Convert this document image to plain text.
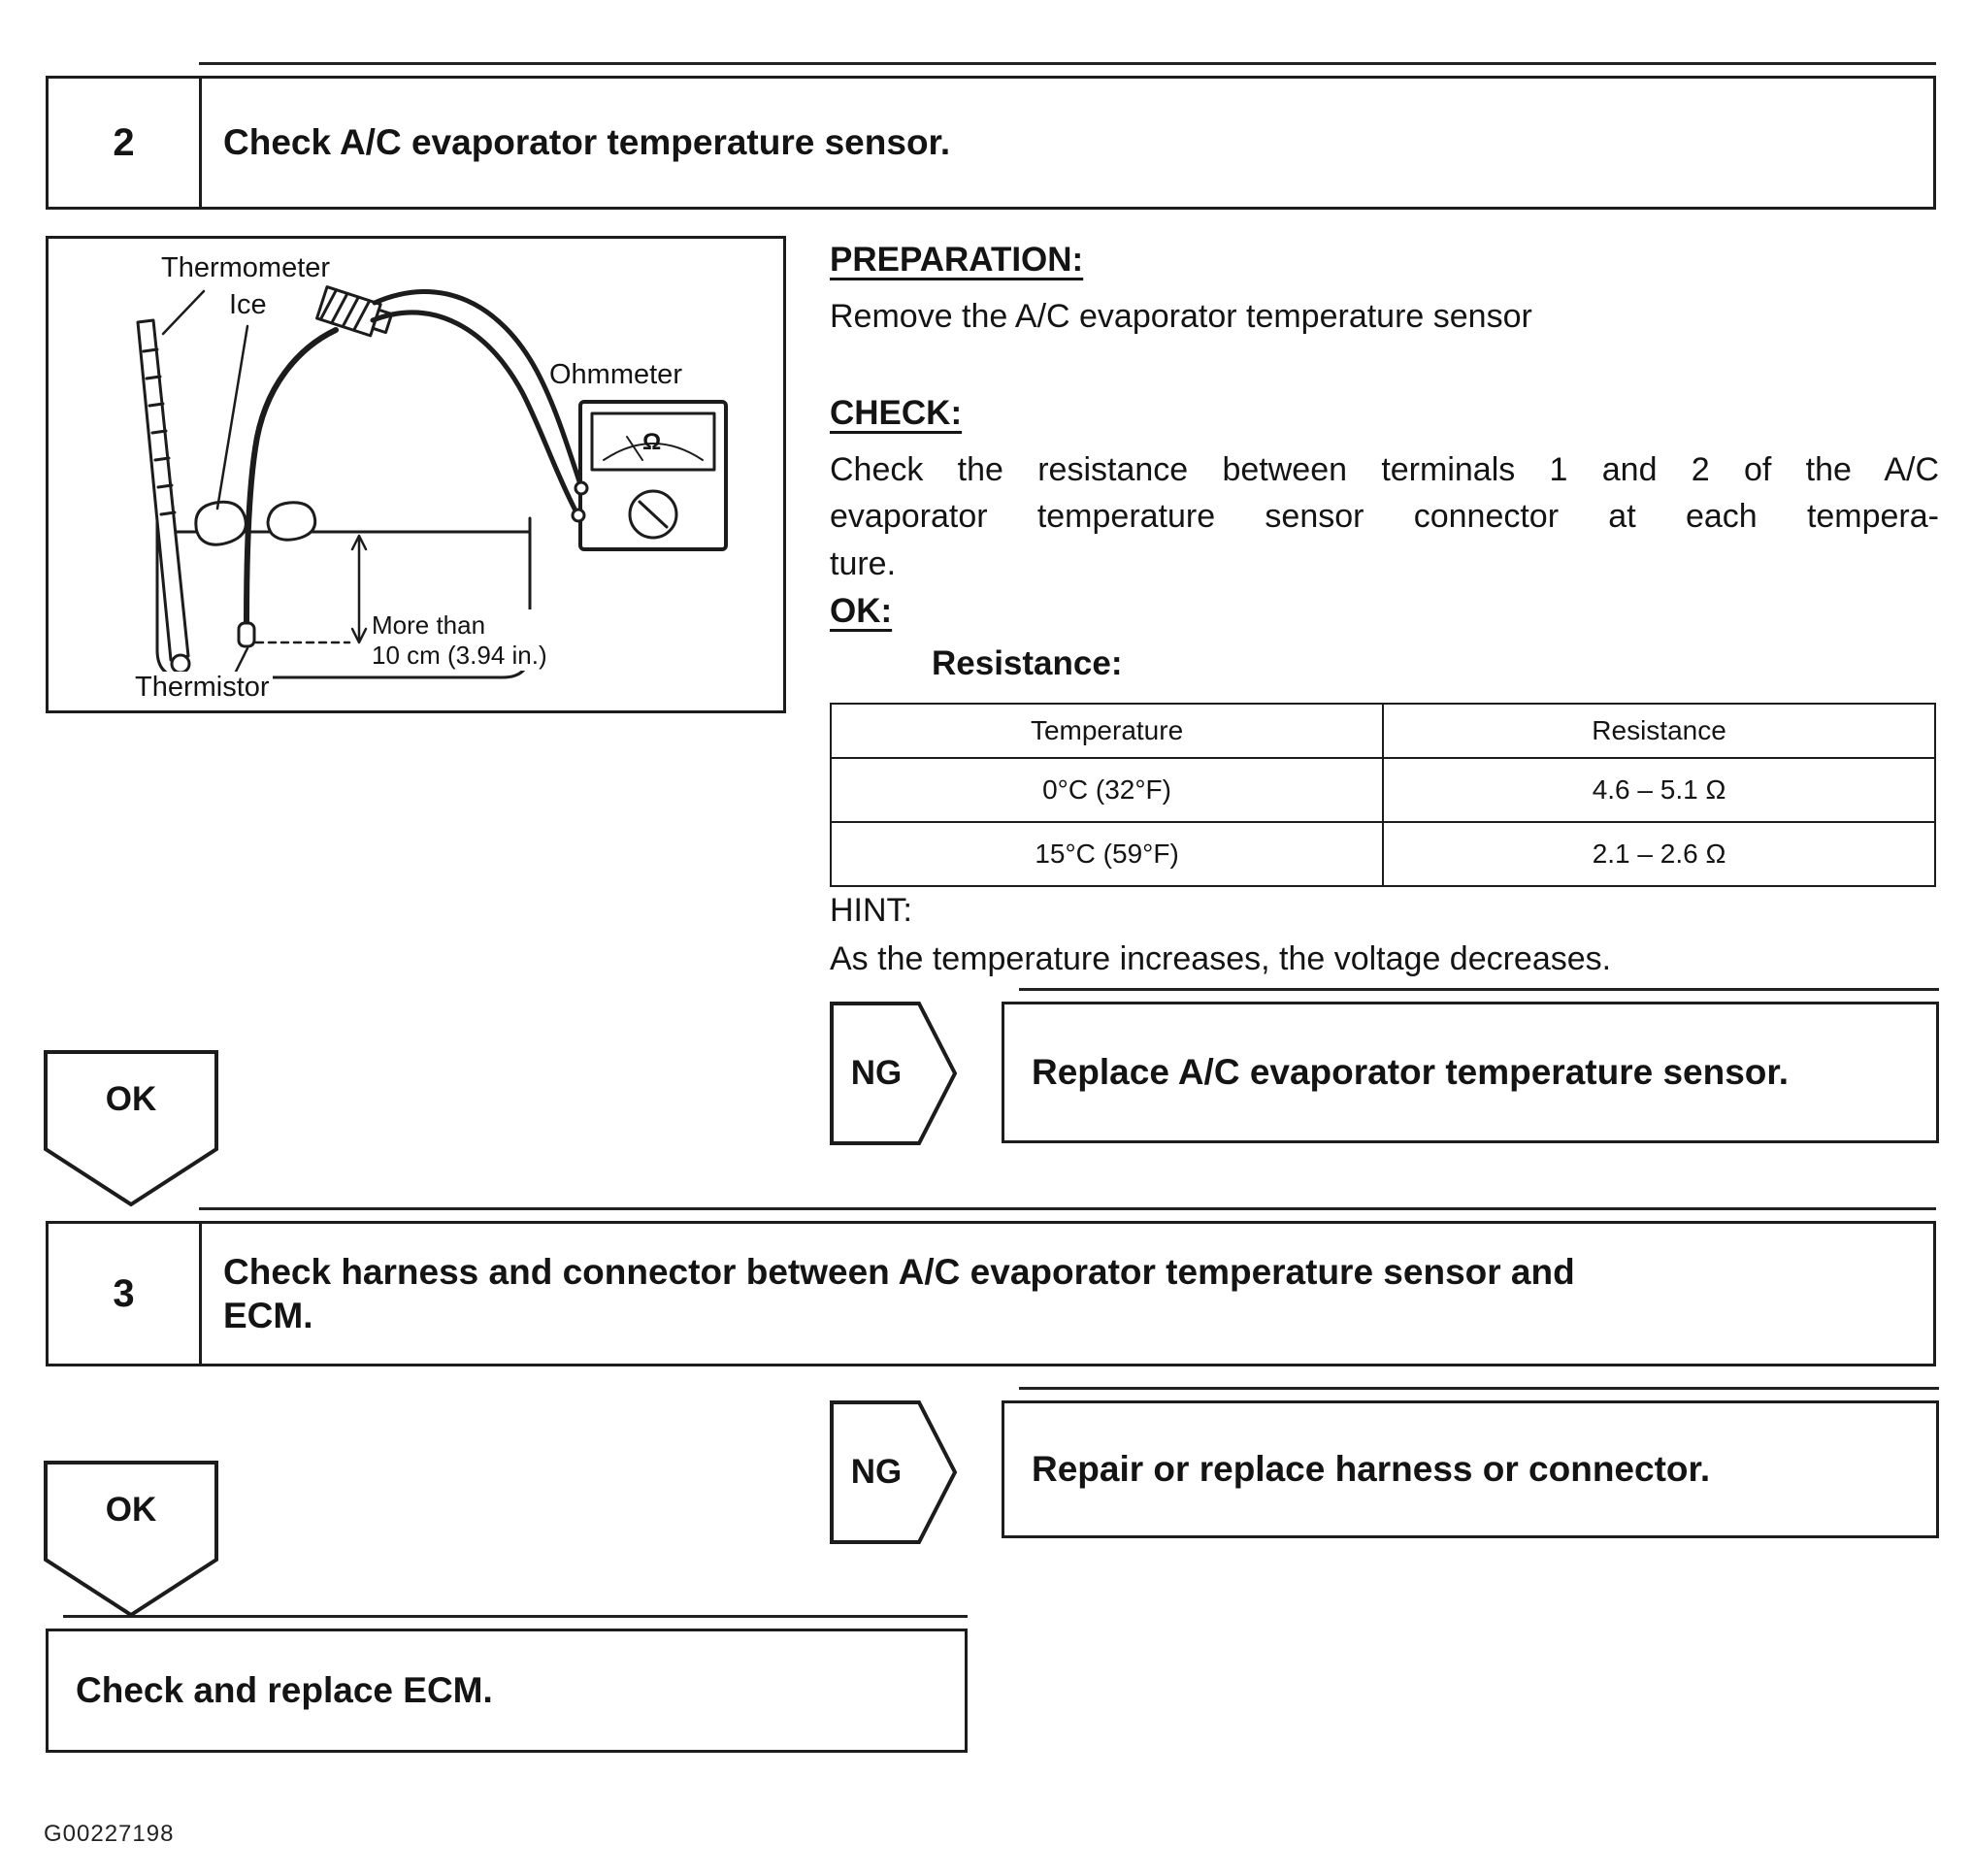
2	Check A/C evaporator temperature sensor.
Thermometer
Ice
Ohmmeter
Ω
More than
10 cm (3.94 in.)
Thermistor
PREPARATION:
Remove the A/C evaporator temperature sensor
CHECK:
Check the resistance between terminals 1 and 2 of the A/C
evaporator temperature sensor connector at each tempera-
ture.
OK:
Resistance:
Temperature	Resistance
0°C (32°F)	4.6 – 5.1 Ω
15°C (59°F)	2.1 – 2.6 Ω
HINT:
As the temperature increases, the voltage decreases.
NG	Replace A/C evaporator temperature sensor.
OK
3
Check harness and connector between A/C evaporator temperature sensor and
ECM.
NG	Repair or replace harness or connector.
OK
Check and replace ECM.
G00227198
